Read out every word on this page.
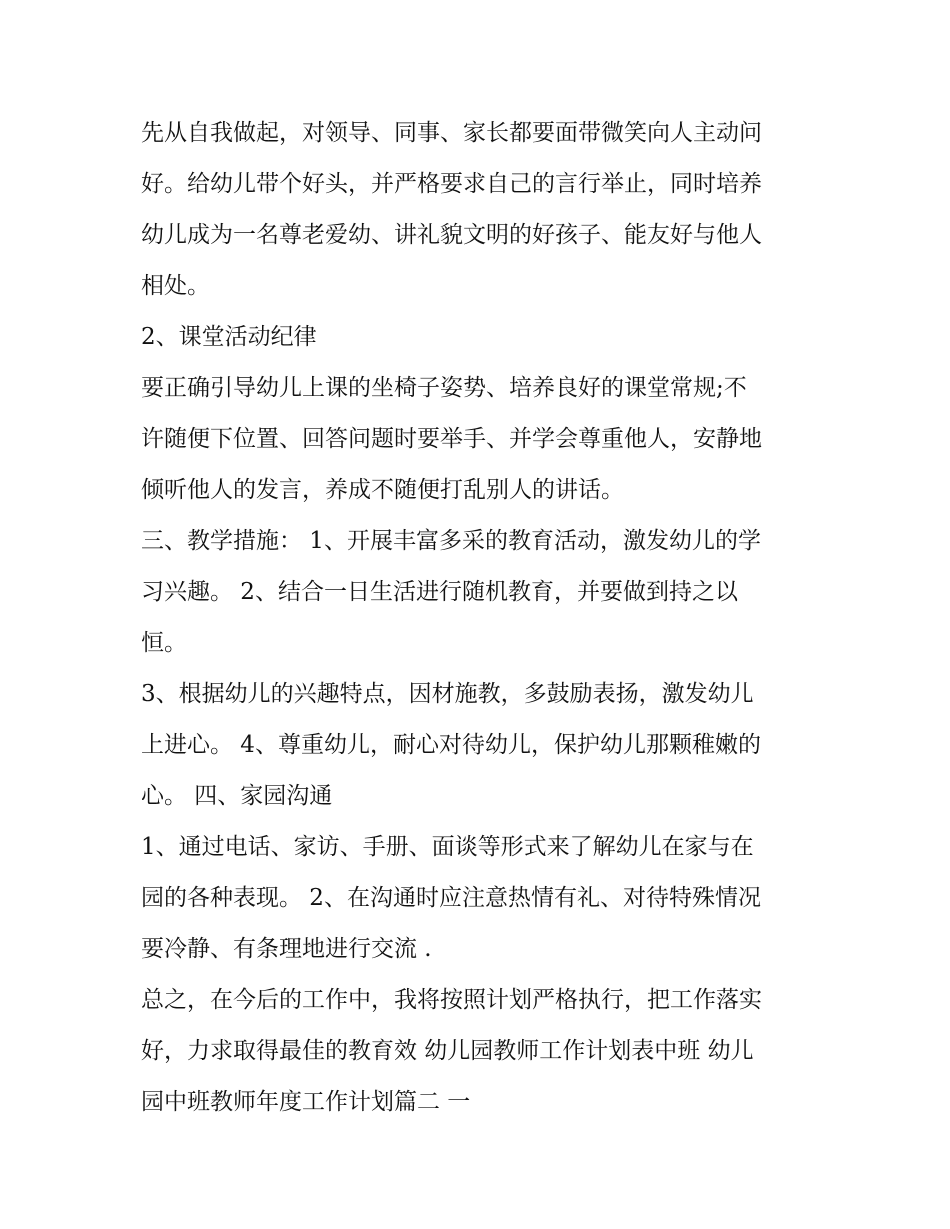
先从自我做起，对领导、同事、家长都要面带微笑向人主动问
好。给幼儿带个好头，并严格要求自己的言行举止，同时培养
幼儿成为一名尊老爱幼、讲礼貌文明的好孩子、能友好与他人
相处。
2、课堂活动纪律
要正确引导幼儿上课的坐椅子姿势、培养良好的课堂常规;不
许随便下位置、回答问题时要举手、并学会尊重他人，安静地
倾听他人的发言，养成不随便打乱别人的讲话。
三、教学措施： 1、开展丰富多采的教育活动，激发幼儿的学
习兴趣。 2、结合一日生活进行随机教育，并要做到持之以
恒。
3、根据幼儿的兴趣特点，因材施教，多鼓励表扬，激发幼儿
上进心。 4、尊重幼儿，耐心对待幼儿，保护幼儿那颗稚嫩的
心。 四、家园沟通
1、通过电话、家访、手册、面谈等形式来了解幼儿在家与在
园的各种表现。 2、在沟通时应注意热情有礼、对待特殊情况
要冷静、有条理地进行交流 .
总之，在今后的工作中，我将按照计划严格执行，把工作落实
好，力求取得最佳的教育效 幼儿园教师工作计划表中班 幼儿
园中班教师年度工作计划篇二 一
